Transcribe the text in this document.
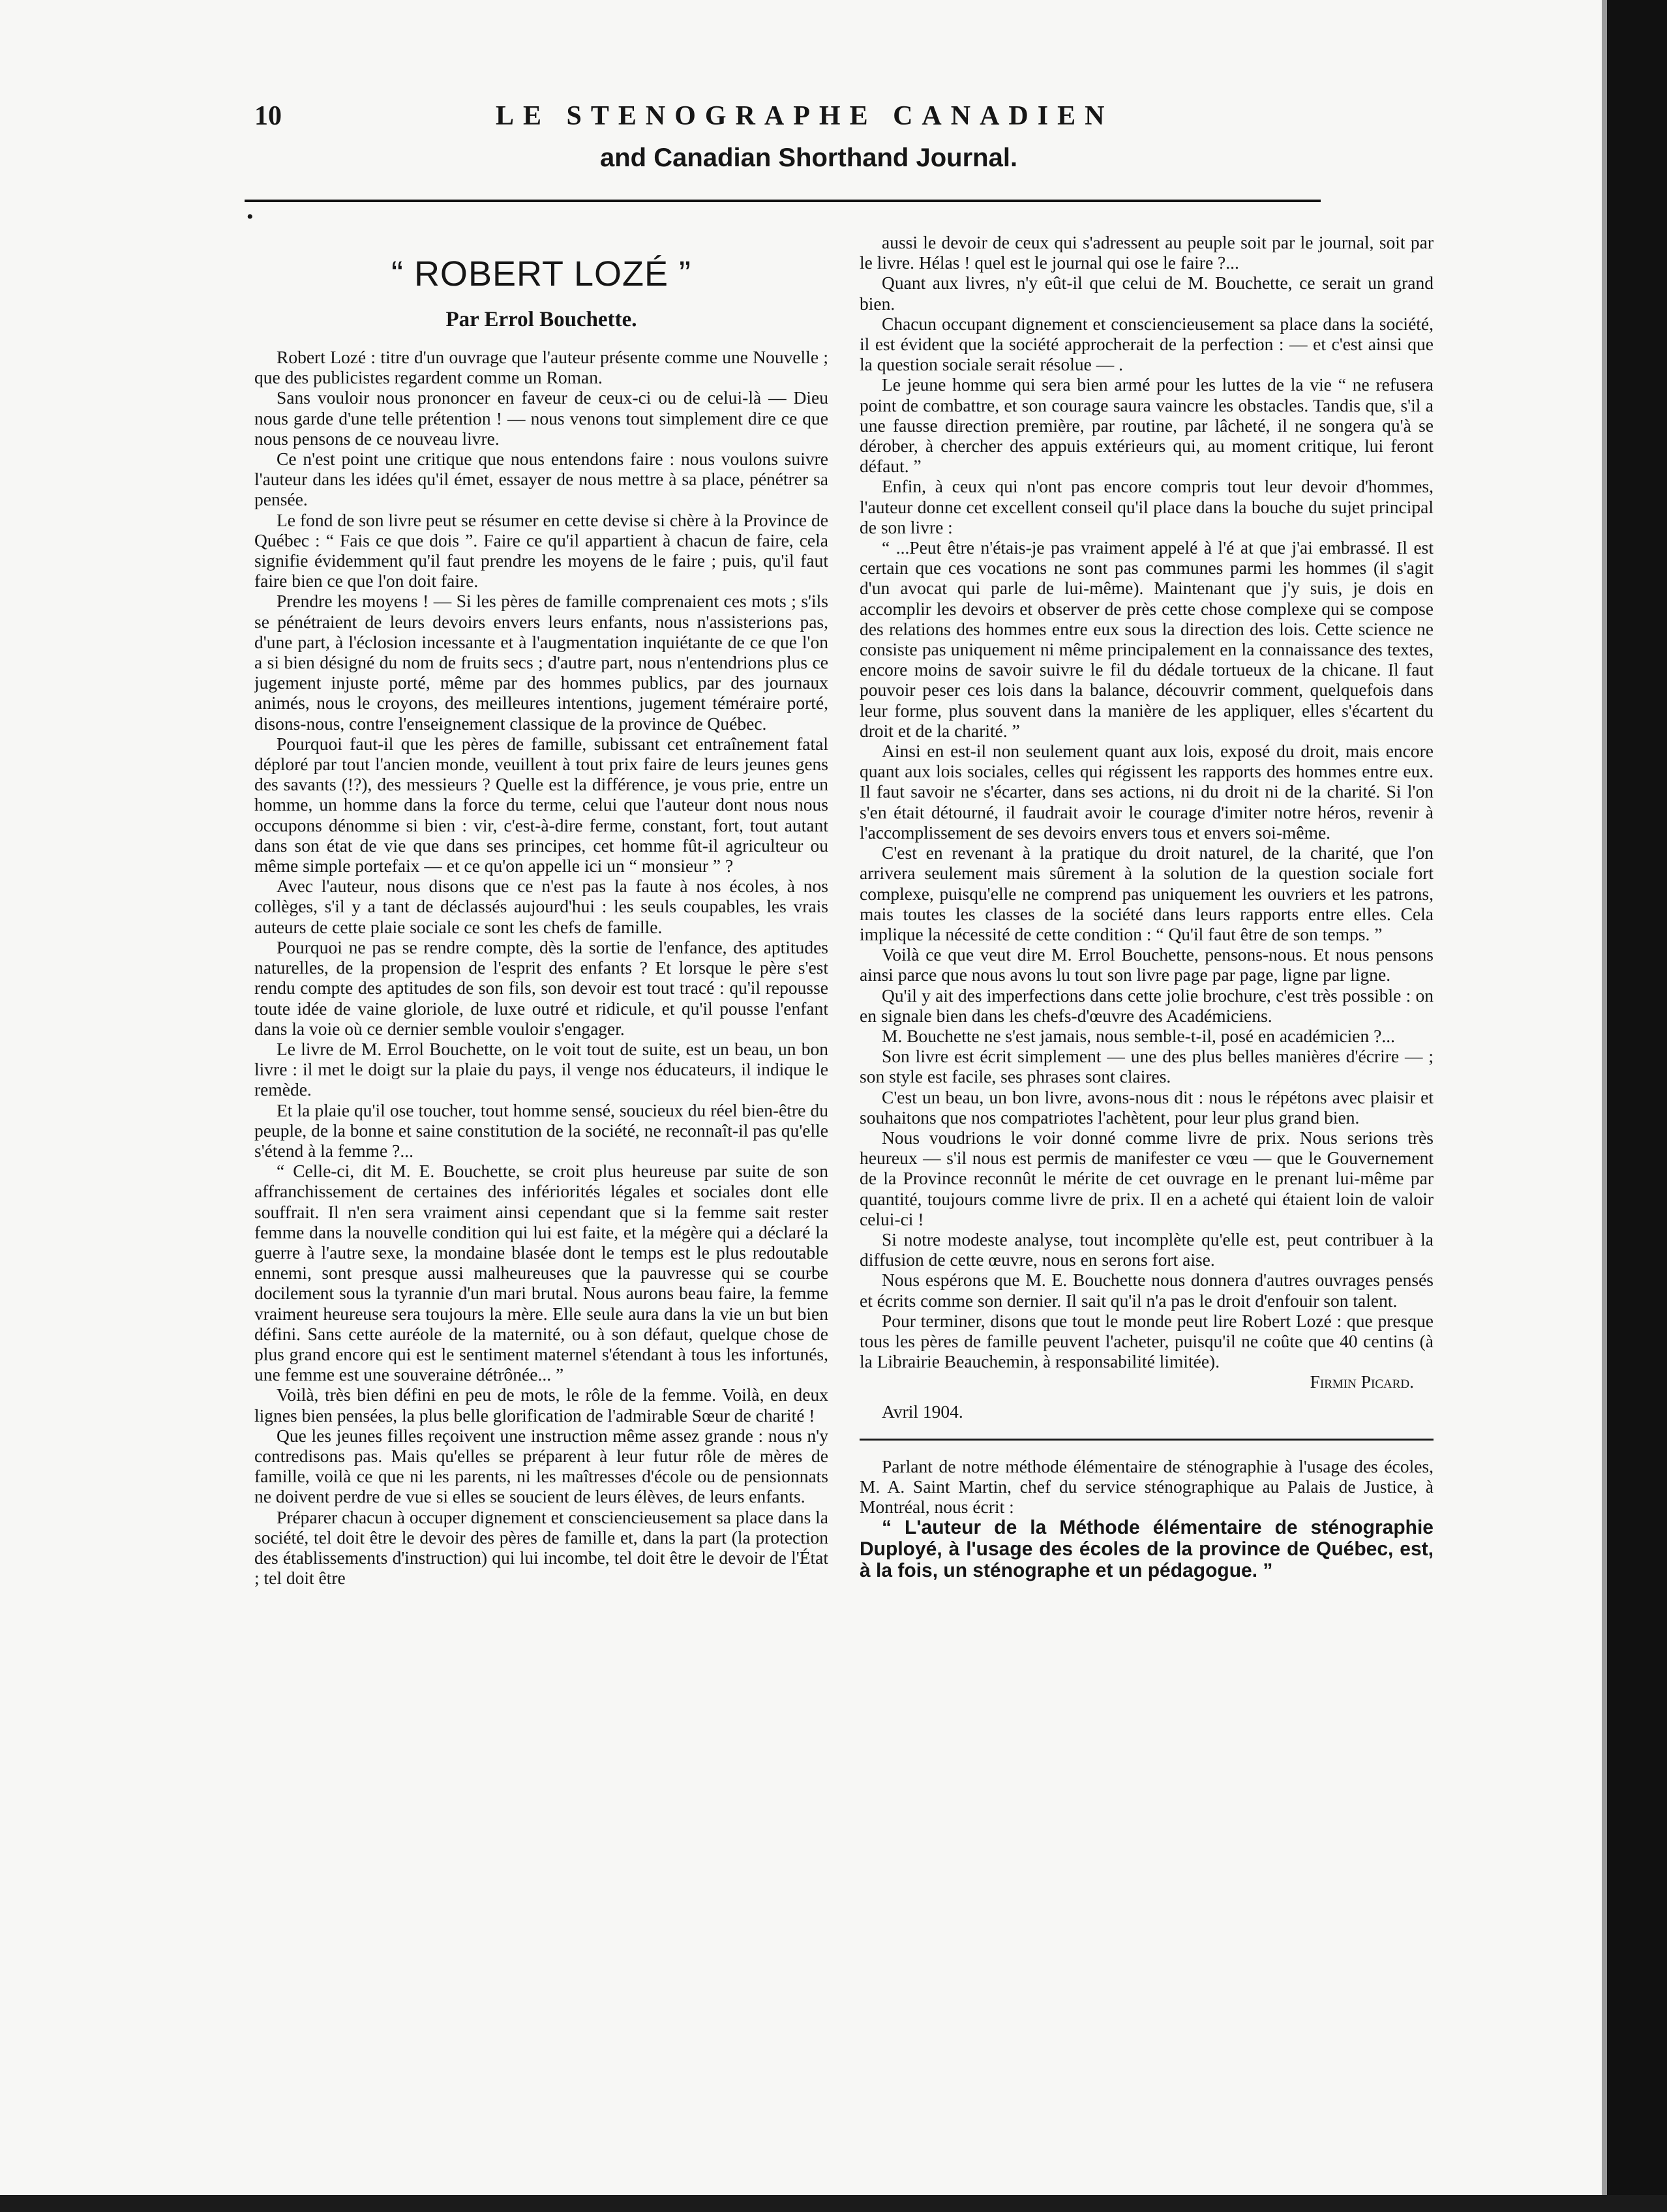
10	LE STENOGRAPHE CANADIEN
and Canadian Shorthand Journal.
•
“ ROBERT LOZÉ ”
Par Errol Bouchette.

Robert Lozé : titre d'un ouvrage que l'auteur présente comme une Nouvelle ; que des publicistes regardent comme un Roman.

Sans vouloir nous prononcer en faveur de ceux-ci ou de celui-là — Dieu nous garde d'une telle prétention ! — nous venons tout simplement dire ce que nous pensons de ce nouveau livre.

Ce n'est point une critique que nous entendons faire : nous voulons suivre l'auteur dans les idées qu'il émet, essayer de nous mettre à sa place, pénétrer sa pensée.

Le fond de son livre peut se résumer en cette devise si chère à la Province de Québec : “ Fais ce que dois ”. Faire ce qu'il appartient à chacun de faire, cela signifie évidemment qu'il faut prendre les moyens de le faire ; puis, qu'il faut faire bien ce que l'on doit faire.

Prendre les moyens ! — Si les pères de famille comprenaient ces mots ; s'ils se pénétraient de leurs devoirs envers leurs enfants, nous n'assisterions pas, d'une part, à l'éclosion incessante et à l'augmentation inquiétante de ce que l'on a si bien désigné du nom de fruits secs ; d'autre part, nous n'entendrions plus ce jugement injuste porté, même par des hommes publics, par des journaux animés, nous le croyons, des meilleures intentions, jugement téméraire porté, disons-nous, contre l'enseignement classique de la province de Québec.

Pourquoi faut-il que les pères de famille, subissant cet entraînement fatal déploré par tout l'ancien monde, veuillent à tout prix faire de leurs jeunes gens des savants (!?), des messieurs ? Quelle est la différence, je vous prie, entre un homme, un homme dans la force du terme, celui que l'auteur dont nous nous occupons dénomme si bien : vir, c'est-à-dire ferme, constant, fort, tout autant dans son état de vie que dans ses principes, cet homme fût-il agriculteur ou même simple portefaix — et ce qu'on appelle ici un “ monsieur ” ?

Avec l'auteur, nous disons que ce n'est pas la faute à nos écoles, à nos collèges, s'il y a tant de déclassés aujourd'hui : les seuls coupables, les vrais auteurs de cette plaie sociale ce sont les chefs de famille.

Pourquoi ne pas se rendre compte, dès la sortie de l'enfance, des aptitudes naturelles, de la propension de l'esprit des enfants ? Et lorsque le père s'est rendu compte des aptitudes de son fils, son devoir est tout tracé : qu'il repousse toute idée de vaine gloriole, de luxe outré et ridicule, et qu'il pousse l'enfant dans la voie où ce dernier semble vouloir s'engager.

Le livre de M. Errol Bouchette, on le voit tout de suite, est un beau, un bon livre : il met le doigt sur la plaie du pays, il venge nos éducateurs, il indique le remède.

Et la plaie qu'il ose toucher, tout homme sensé, soucieux du réel bien-être du peuple, de la bonne et saine constitution de la société, ne reconnaît-il pas qu'elle s'étend à la femme ?...

“ Celle-ci, dit M. E. Bouchette, se croit plus heureuse par suite de son affranchissement de certaines des infériorités légales et sociales dont elle souffrait. Il n'en sera vraiment ainsi cependant que si la femme sait rester femme dans la nouvelle condition qui lui est faite, et la mégère qui a déclaré la guerre à l'autre sexe, la mondaine blasée dont le temps est le plus redoutable ennemi, sont presque aussi malheureuses que la pauvresse qui se courbe docilement sous la tyrannie d'un mari brutal. Nous aurons beau faire, la femme vraiment heureuse sera toujours la mère. Elle seule aura dans la vie un but bien défini. Sans cette auréole de la maternité, ou à son défaut, quelque chose de plus grand encore qui est le sentiment maternel s'étendant à tous les infortunés, une femme est une souveraine détrônée... ”

Voilà, très bien défini en peu de mots, le rôle de la femme. Voilà, en deux lignes bien pensées, la plus belle glorification de l'admirable Sœur de charité !

Que les jeunes filles reçoivent une instruction même assez grande : nous n'y contredisons pas. Mais qu'elles se préparent à leur futur rôle de mères de famille, voilà ce que ni les parents, ni les maîtresses d'école ou de pensionnats ne doivent perdre de vue si elles se soucient de leurs élèves, de leurs enfants.

Préparer chacun à occuper dignement et consciencieusement sa place dans la société, tel doit être le devoir des pères de famille et, dans la part (la protection des établissements d'instruction) qui lui incombe, tel doit être le devoir de l'État ; tel doit être

aussi le devoir de ceux qui s'adressent au peuple soit par le journal, soit par le livre. Hélas ! quel est le journal qui ose le faire ?...

Quant aux livres, n'y eût-il que celui de M. Bouchette, ce serait un grand bien.

Chacun occupant dignement et consciencieusement sa place dans la société, il est évident que la société approcherait de la perfection : — et c'est ainsi que la question sociale serait résolue — .

Le jeune homme qui sera bien armé pour les luttes de la vie “ ne refusera point de combattre, et son courage saura vaincre les obstacles. Tandis que, s'il a une fausse direction première, par routine, par lâcheté, il ne songera qu'à se dérober, à chercher des appuis extérieurs qui, au moment critique, lui feront défaut. ”

Enfin, à ceux qui n'ont pas encore compris tout leur devoir d'hommes, l'auteur donne cet excellent conseil qu'il place dans la bouche du sujet principal de son livre :

“ ...Peut être n'étais-je pas vraiment appelé à l'é at que j'ai embrassé. Il est certain que ces vocations ne sont pas communes parmi les hommes (il s'agit d'un avocat qui parle de lui-même). Maintenant que j'y suis, je dois en accomplir les devoirs et observer de près cette chose complexe qui se compose des relations des hommes entre eux sous la direction des lois. Cette science ne consiste pas uniquement ni même principalement en la connaissance des textes, encore moins de savoir suivre le fil du dédale tortueux de la chicane. Il faut pouvoir peser ces lois dans la balance, découvrir comment, quelquefois dans leur forme, plus souvent dans la manière de les appliquer, elles s'écartent du droit et de la charité. ”

Ainsi en est-il non seulement quant aux lois, exposé du droit, mais encore quant aux lois sociales, celles qui régissent les rapports des hommes entre eux. Il faut savoir ne s'écarter, dans ses actions, ni du droit ni de la charité. Si l'on s'en était détourné, il faudrait avoir le courage d'imiter notre héros, revenir à l'accomplissement de ses devoirs envers tous et envers soi-même.

C'est en revenant à la pratique du droit naturel, de la charité, que l'on arrivera seulement mais sûrement à la solution de la question sociale fort complexe, puisqu'elle ne comprend pas uniquement les ouvriers et les patrons, mais toutes les classes de la société dans leurs rapports entre elles. Cela implique la nécessité de cette condition : “ Qu'il faut être de son temps. ”

Voilà ce que veut dire M. Errol Bouchette, pensons-nous. Et nous pensons ainsi parce que nous avons lu tout son livre page par page, ligne par ligne.

Qu'il y ait des imperfections dans cette jolie brochure, c'est très possible : on en signale bien dans les chefs-d'œuvre des Académiciens.

M. Bouchette ne s'est jamais, nous semble-t-il, posé en académicien ?...

Son livre est écrit simplement — une des plus belles manières d'écrire — ; son style est facile, ses phrases sont claires.

C'est un beau, un bon livre, avons-nous dit : nous le répétons avec plaisir et souhaitons que nos compatriotes l'achètent, pour leur plus grand bien.

Nous voudrions le voir donné comme livre de prix. Nous serions très heureux — s'il nous est permis de manifester ce vœu — que le Gouvernement de la Province reconnût le mérite de cet ouvrage en le prenant lui-même par quantité, toujours comme livre de prix. Il en a acheté qui étaient loin de valoir celui-ci !

Si notre modeste analyse, tout incomplète qu'elle est, peut contribuer à la diffusion de cette œuvre, nous en serons fort aise.

Nous espérons que M. E. Bouchette nous donnera d'autres ouvrages pensés et écrits comme son dernier. Il sait qu'il n'a pas le droit d'enfouir son talent.

Pour terminer, disons que tout le monde peut lire Robert Lozé : que presque tous les pères de famille peuvent l'acheter, puisqu'il ne coûte que 40 centins (à la Librairie Beauchemin, à responsabilité limitée).

Firmin Picard.

Avril 1904.

Parlant de notre méthode élémentaire de sténographie à l'usage des écoles, M. A. Saint Martin, chef du service sténographique au Palais de Justice, à Montréal, nous écrit :

“ L'auteur de la Méthode élémentaire de sténographie Duployé, à l'usage des écoles de la province de Québec, est, à la fois, un sténographe et un pédagogue. ”
